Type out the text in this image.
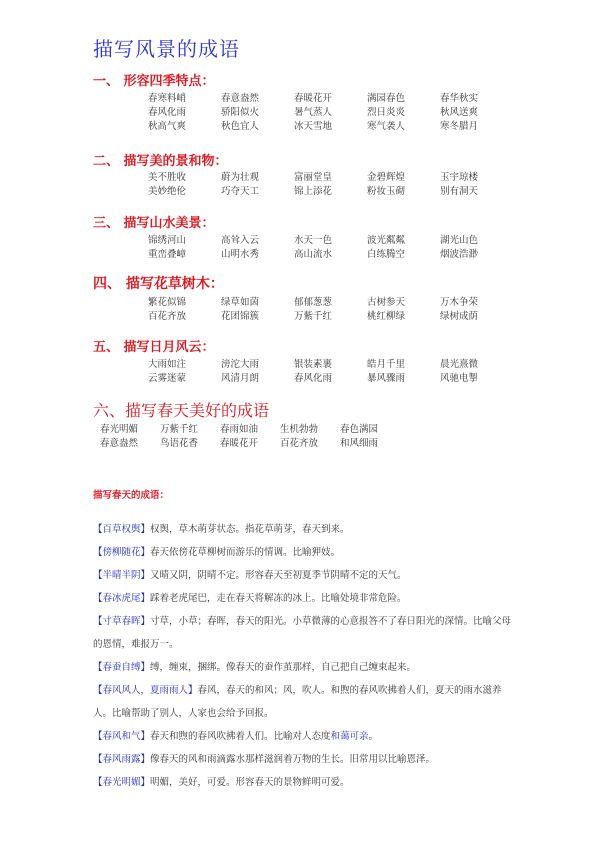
描写风景的成语
一、 形容四季特点：
春寒料峭	春意盎然	春暖花开	满园春色	春华秋实
春风化雨	骄阳似火	暑气蒸人	烈日炎炎	秋风送爽
秋高气爽	秋色宜人	冰天雪地	寒气袭人	寒冬腊月
二、 描写美的景和物：
美不胜收	蔚为壮观	富丽堂皇	金碧辉煌	玉宇琼楼
美妙绝伦	巧夺天工	锦上添花	粉妆玉砌	别有洞天
三、 描写山水美景：
锦绣河山	高耸入云	水天一色	波光粼粼	湖光山色
重峦叠嶂	山明水秀	高山流水	白练腾空	烟波浩渺
四、 描写花草树木：
繁花似锦	绿草如茵	郁郁葱葱	古树参天	万木争荣
百花齐放	花团锦簇	万紫千红	桃红柳绿	绿树成荫
五、 描写日月风云：
大雨如注	滂沱大雨	银装素裹	皓月千里	晨光熹微
云雾迷蒙	风清月朗	春风化雨	暴风骤雨	风驰电掣
六、描写春天美好的成语
春光明媚	万紫千红	春雨如油	生机勃勃	春色满园
春意盎然	鸟语花香	春暖花开	百花齐放	和风细雨
描写春天的成语：
【百草权舆】权舆，草木萌芽状态。指花草萌芽，春天到来。
【傍柳随花】春天依傍花草柳树而游乐的情调。比喻狎妓。
【半晴半阴】又晴又阴，阴晴不定。形容春天至初夏季节阴晴不定的天气。
【春冰虎尾】踩着老虎尾巴，走在春天将解冻的冰上。比喻处境非常危险。
【寸草春晖】寸草，小草；春晖，春天的阳光。小草微薄的心意报答不了春日阳光的深情。比喻父母的恩情，难报万一。
【春蚕自缚】缚，缠束，捆绑。像春天的蚕作茧那样，自己把自己缠束起来。
【春风风人，夏雨雨人】春风，春天的和风；风，吹人。和煦的春风吹拂着人们，夏天的雨水滋养人。比喻帮助了别人，人家也会给予回报。
【春风和气】春天和煦的春风吹拂着人们。比喻对人态度和蔼可亲。
【春风雨露】像春天的风和雨滴露水那样滋润着万物的生长。旧常用以比喻恩泽。
【春光明媚】明媚，美好，可爱。形容春天的景物鲜明可爱。
